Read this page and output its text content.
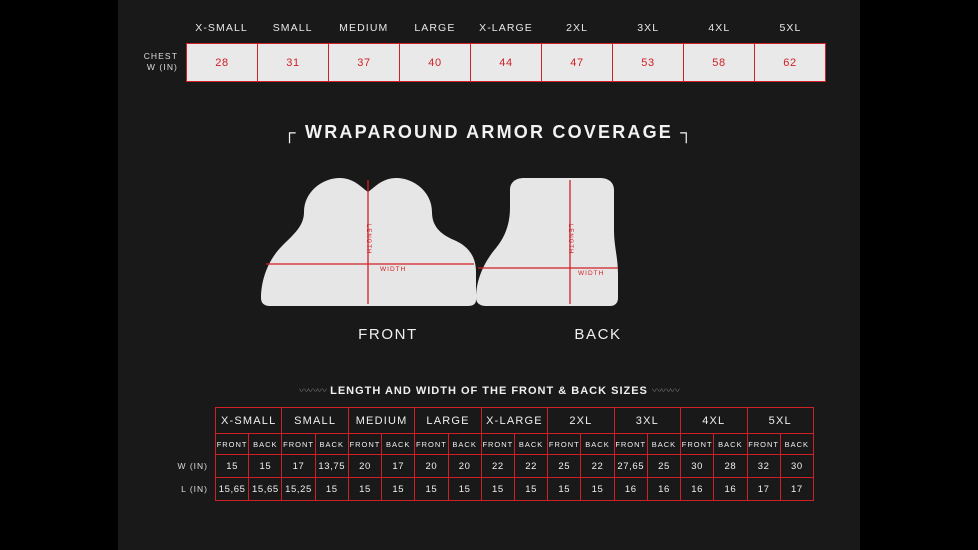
X-SMALL	SMALL	MEDIUM	LARGE	X-LARGE	2XL	3XL	4XL	5XL
CHEST
W (IN)	28	31	37	40	44	47	53	58	62
┌ WRAPAROUND ARMOR COVERAGE ┐
LENGTH
WIDTH
LENGTH
WIDTH
FRONT	BACK
〰〰〰 LENGTH AND WIDTH OF THE FRONT & BACK SIZES 〰〰〰
	X-SMALL		SMALL		MEDIUM		LARGE		X-LARGE		2XL		3XL		4XL		5XL	
	FRONT	BACK	FRONT	BACK	FRONT	BACK	FRONT	BACK	FRONT	BACK	FRONT	BACK	FRONT	BACK	FRONT	BACK	FRONT	BACK
W (IN)	15	15	17	13,75	20	17	20	20	22	22	25	22	27,65	25	30	28	32	30
L (IN)	15,65	15,65	15,25	15	15	15	15	15	15	15	15	15	16	16	16	16	17	17
